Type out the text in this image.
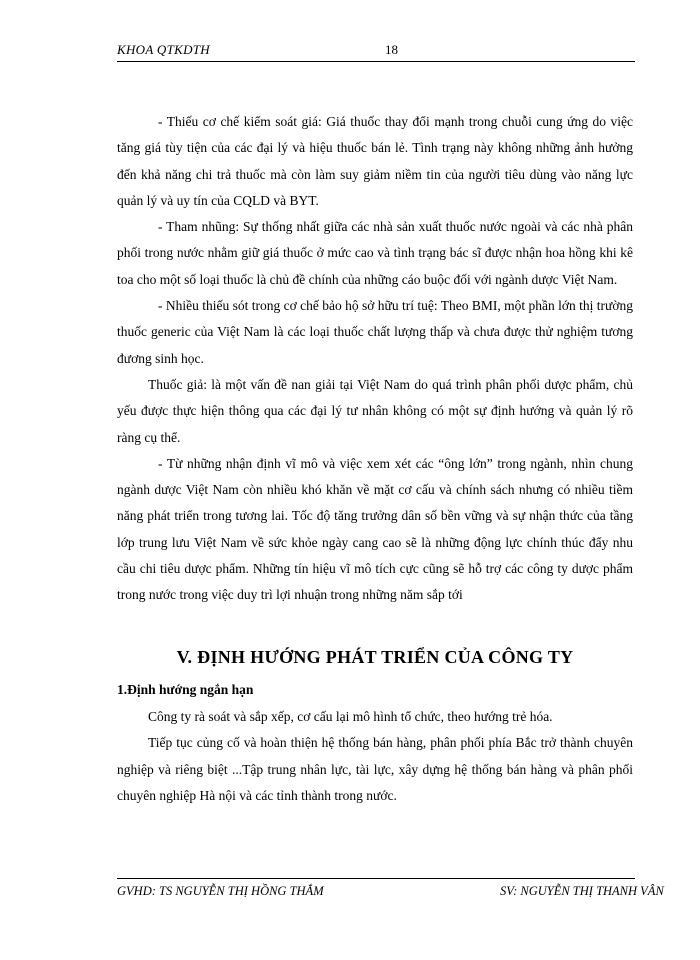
KHOA QTKDTH	18

- Thiếu cơ chế kiểm soát giá: Giá thuốc thay đổi mạnh trong chuỗi cung ứng do việc tăng giá tùy tiện của các đại lý và hiệu thuốc bán lẻ. Tình trạng này không những ảnh hưởng đến khả năng chi trả thuốc mà còn làm suy giảm niềm tin của người tiêu dùng vào năng lực quản lý và uy tín của CQLD và BYT.

- Tham nhũng: Sự thống nhất giữa các nhà sản xuất thuốc nước ngoài và các nhà phân phối trong nước nhằm giữ giá thuốc ở mức cao và tình trạng bác sĩ được nhận hoa hồng khi kê toa cho một số loại thuốc là chủ đề chính của những cáo buộc đối với ngành dược Việt Nam.

- Nhiều thiếu sót trong cơ chế bảo hộ sở hữu trí tuệ: Theo BMI, một phần lớn thị trường thuốc generic của Việt Nam là các loại thuốc chất lượng thấp và chưa được thử nghiệm tương đương sinh học.

Thuốc giả: là một vấn đề nan giải tại Việt Nam do quá trình phân phối dược phẩm, chủ yếu được thực hiện thông qua các đại lý tư nhân không có một sự định hướng và quản lý rõ ràng cụ thể.

- Từ những nhận định vĩ mô và việc xem xét các “ông lớn” trong ngành, nhìn chung ngành dược Việt Nam còn nhiều khó khăn về mặt cơ cấu và chính sách nhưng có nhiều tiềm năng phát triển trong tương lai. Tốc độ tăng trưởng dân số bền vững và sự nhận thức của tầng lớp trung lưu Việt Nam về sức khỏe ngày cang cao sẽ là những động lực chính thúc đẩy nhu cầu chi tiêu dược phẩm. Những tín hiệu vĩ mô tích cực cũng sẽ hỗ trợ các công ty dược phẩm trong nước trong việc duy trì lợi nhuận trong những năm sắp tới

V. ĐỊNH HƯỚNG PHÁT TRIỂN CỦA CÔNG TY
1.Định hướng ngắn hạn

Công ty rà soát và sắp xếp, cơ cấu lại mô hình tổ chức, theo hướng trẻ hóa.

Tiếp tục củng cố và hoàn thiện hệ thống bán hàng, phân phối phía Bắc trở thành chuyên nghiệp và riêng biệt ...Tập trung nhân lực, tài lực, xây dựng hệ thống bán hàng và phân phối chuyên nghiệp Hà nội và các tỉnh thành trong nước.

GVHD: TS NGUYỄN THỊ HỒNG THẮM	SV: NGUYỄN THỊ THANH VÂN
